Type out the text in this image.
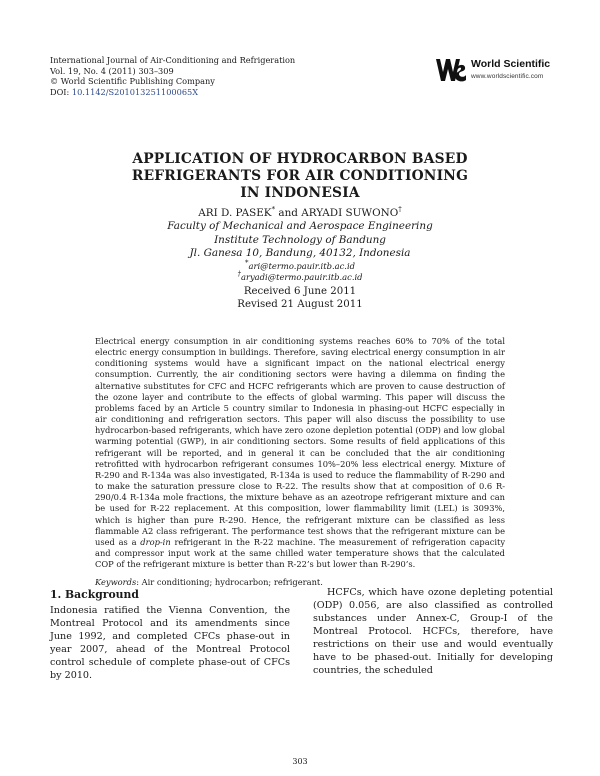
International Journal of Air-Conditioning and Refrigeration
Vol. 19, No. 4 (2011) 303–309
© World Scientific Publishing Company
DOI: 10.1142/S201013251100065X
World Scientific
www.worldscientific.com
APPLICATION OF HYDROCARBON BASED
REFRIGERANTS FOR AIR CONDITIONING
IN INDONESIA
ARI D. PASEK* and ARYADI SUWONO†
Faculty of Mechanical and Aerospace Engineering
Institute Technology of Bandung
Jl. Ganesa 10, Bandung, 40132, Indonesia
*ari@termo.pauir.itb.ac.id
†aryadi@termo.pauir.itb.ac.id
Received 6 June 2011
Revised 21 August 2011
Electrical energy consumption in air conditioning systems reaches 60% to 70% of the total electric energy consumption in buildings. Therefore, saving electrical energy consumption in air conditioning systems would have a significant impact on the national electrical energy consumption. Currently, the air conditioning sectors were having a dilemma on finding the alternative substitutes for CFC and HCFC refrigerants which are proven to cause destruction of the ozone layer and contribute to the effects of global warming. This paper will discuss the problems faced by an Article 5 country similar to Indonesia in phasing-out HCFC especially in air conditioning and refrigeration sectors. This paper will also discuss the possibility to use hydrocarbon-based refrigerants, which have zero ozone depletion potential (ODP) and low global warming potential (GWP), in air conditioning sectors. Some results of field applications of this refrigerant will be reported, and in general it can be concluded that the air conditioning retrofitted with hydrocarbon refrigerant consumes 10%–20% less electrical energy. Mixture of R-290 and R-134a was also investigated, R-134a is used to reduce the flammability of R-290 and to make the saturation pressure close to R-22. The results show that at composition of 0.6 R-290/0.4 R-134a mole fractions, the mixture behave as an azeotrope refrigerant mixture and can be used for R-22 replacement. At this composition, lower flammability limit (LEL) is 3093%, which is higher than pure R-290. Hence, the refrigerant mixture can be classified as less flammable A2 class refrigerant. The performance test shows that the refrigerant mixture can be used as a drop-in refrigerant in the R-22 machine. The measurement of refrigeration capacity and compressor input work at the same chilled water temperature shows that the calculated COP of the refrigerant mixture is better than R-22’s but lower than R-290’s.
Keywords: Air conditioning; hydrocarbon; refrigerant.
1. Background
Indonesia ratified the Vienna Convention, the Montreal Protocol and its amendments since June 1992, and completed CFCs phase-out in year 2007, ahead of the Montreal Protocol control schedule of complete phase-out of CFCs by 2010.
HCFCs, which have ozone depleting potential (ODP) 0.056, are also classified as controlled substances under Annex-C, Group-I of the Montreal Protocol. HCFCs, therefore, have restrictions on their use and would eventually have to be phased-out. Initially for developing countries, the scheduled
303
